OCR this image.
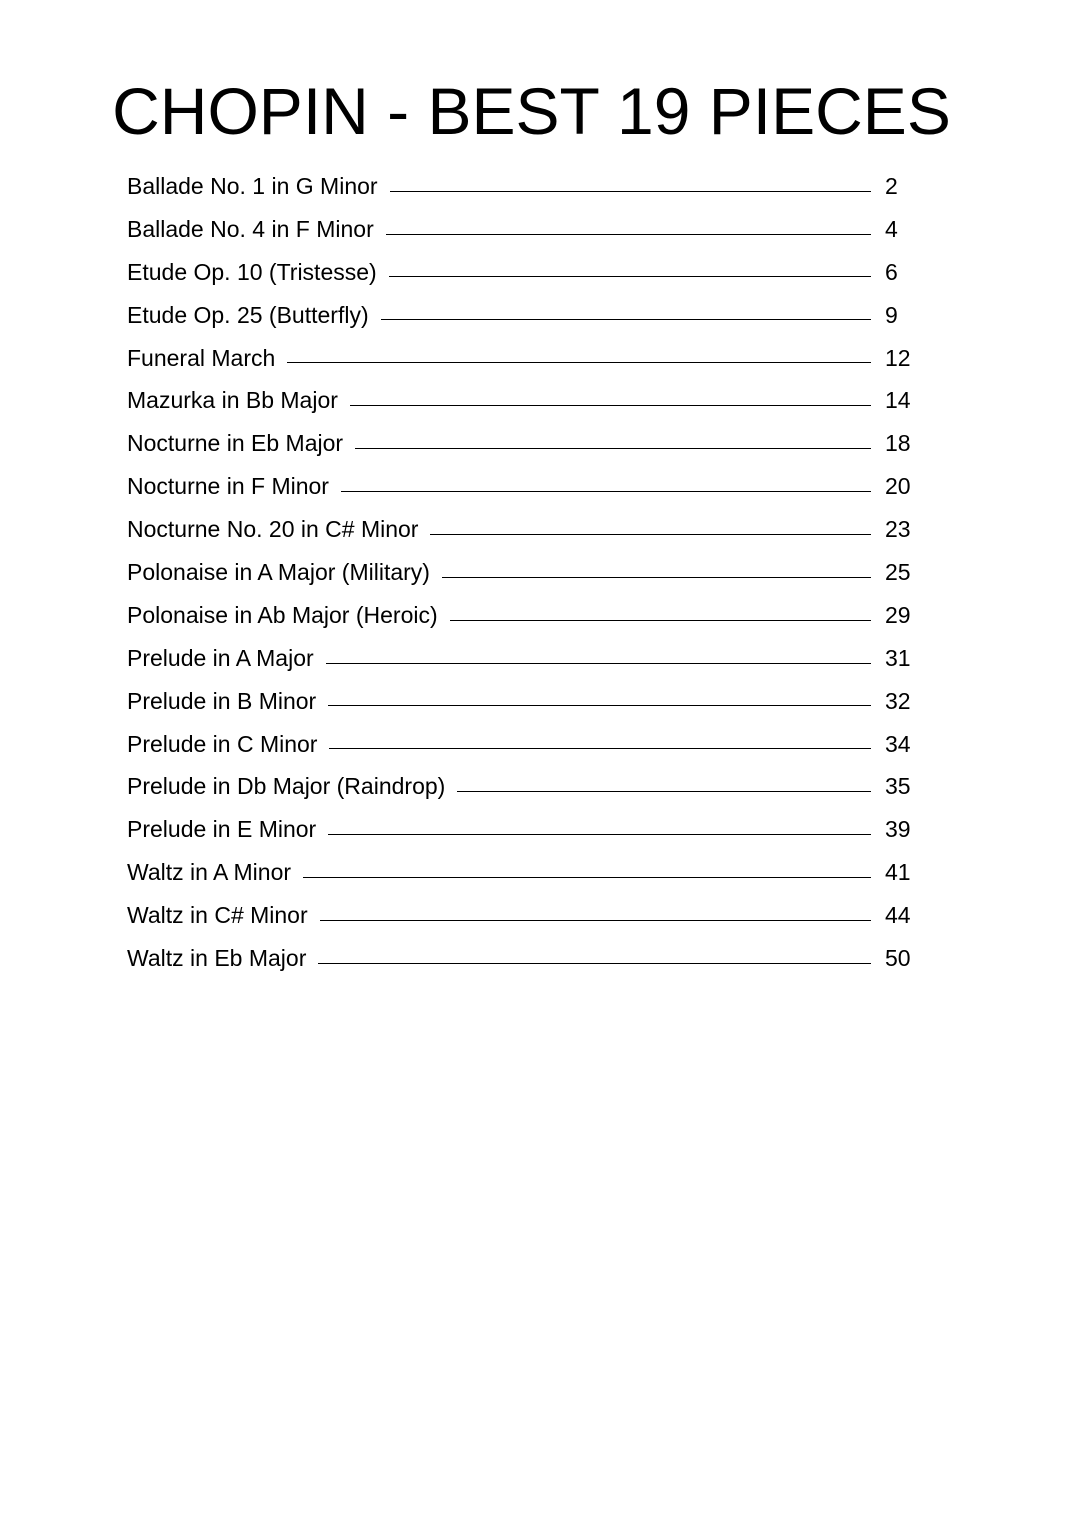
CHOPIN - BEST 19 PIECES
Ballade No. 1 in G Minor	2
Ballade No. 4 in F Minor	4
Etude Op. 10 (Tristesse)	6
Etude Op. 25 (Butterfly)	9
Funeral March	12
Mazurka in Bb Major	14
Nocturne in Eb Major	18
Nocturne in F Minor	20
Nocturne No. 20 in C# Minor	23
Polonaise in A Major (Military)	25
Polonaise in Ab Major (Heroic)	29
Prelude in A Major	31
Prelude in B Minor	32
Prelude in C Minor	34
Prelude in Db Major (Raindrop)	35
Prelude in E Minor	39
Waltz in A Minor	41
Waltz in C# Minor	44
Waltz in Eb Major	50
